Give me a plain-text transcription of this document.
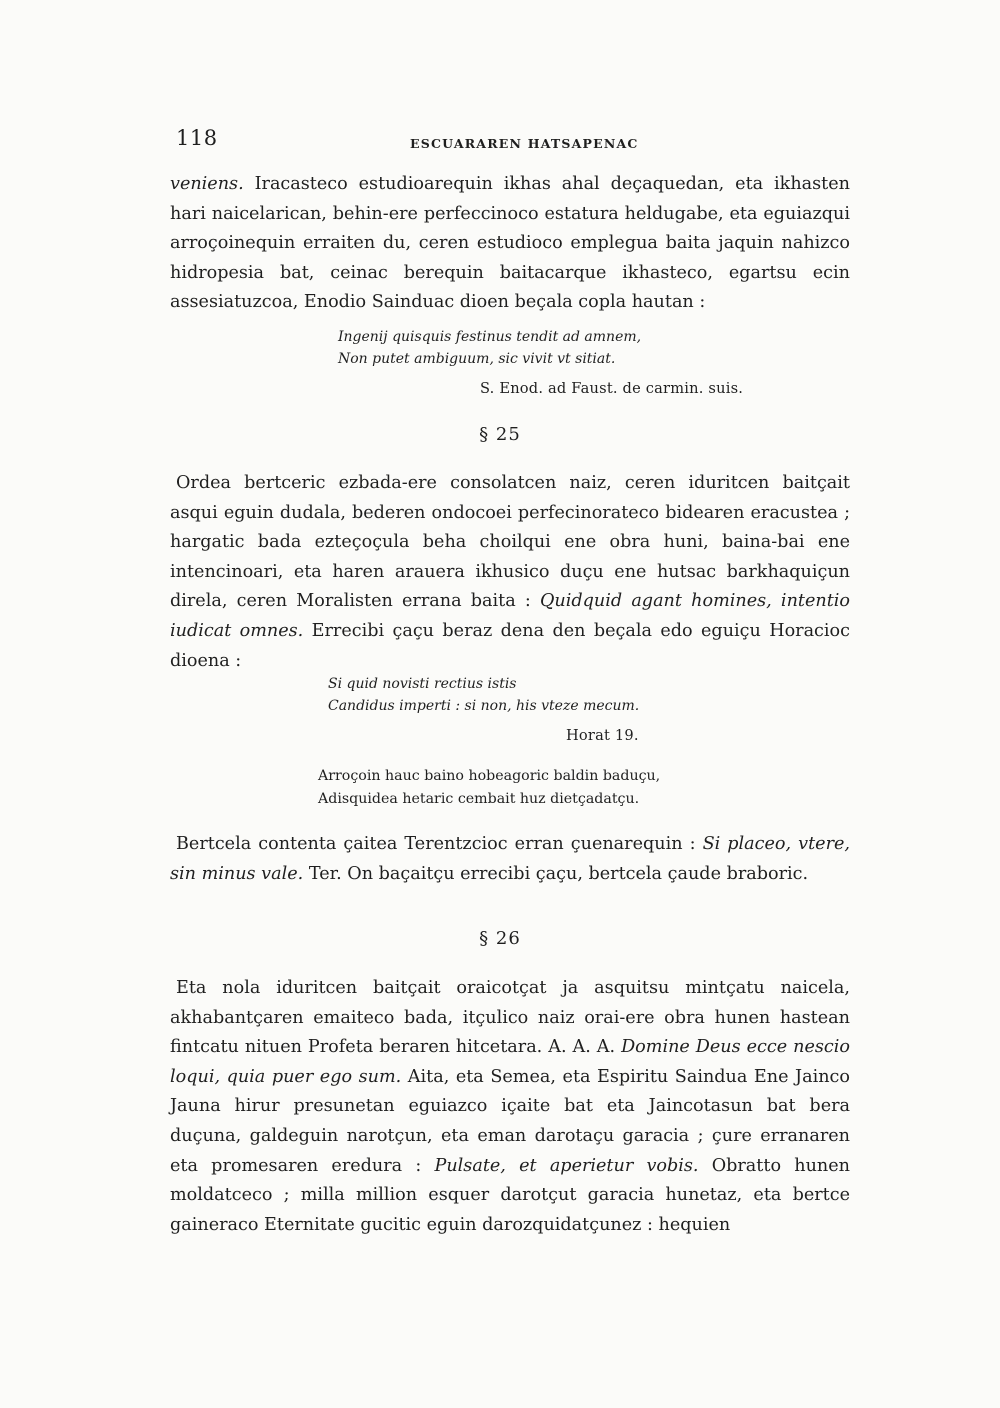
118	ESCUARAREN HATSAPENAC

veniens. Iracasteco estudioarequin ikhas ahal deçaquedan, eta ikhasten hari naicelarican, behin-ere perfeccinoco estatura heldugabe, eta eguiazqui arroçoinequin erraiten du, ceren estudioco emplegua baita jaquin nahizco hidropesia bat, ceinac berequin baitacarque ikhasteco, egartsu ecin assesiatuzcoa, Enodio Sainduac dioen beçala copla hautan :

Ingenij quisquis festinus tendit ad amnem,
Non putet ambiguum, sic vivit vt sitiat.
S. Enod. ad Faust. de carmin. suis.
§ 25

Ordea bertceric ezbada-ere consolatcen naiz, ceren iduritcen baitçait asqui eguin dudala, bederen ondocoei perfecinorateco bidearen eracustea ; hargatic bada ezteçoçula beha choilqui ene obra huni, baina-bai ene intencinoari, eta haren arauera ikhusico duçu ene hutsac barkhaquiçun direla, ceren Moralisten errana baita : Quidquid agant homines, intentio iudicat omnes. Errecibi çaçu beraz dena den beçala edo eguiçu Horacioc dioena :

Si quid novisti rectius istis
Candidus imperti : si non, his vteze mecum.
Horat 19.
Arroçoin hauc baino hobeagoric baldin baduçu,
Adisquidea hetaric cembait huz dietçadatçu.

Bertcela contenta çaitea Terentzcioc erran çuenarequin : Si placeo, vtere, sin minus vale. Ter. On baçaitçu errecibi çaçu, bertcela çaude braboric.

§ 26

Eta nola iduritcen baitçait oraicotçat ja asquitsu mintçatu naicela, akhabantçaren emaiteco bada, itçulico naiz orai-ere obra hunen hastean fintcatu nituen Profeta beraren hitcetara. A. A. A. Domine Deus ecce nescio loqui, quia puer ego sum. Aita, eta Semea, eta Espiritu Saindua Ene Jainco Jauna hirur presunetan eguiazco içaite bat eta Jaincotasun bat bera duçuna, galdeguin narotçun, eta eman darotaçu garacia ; çure erranaren eta promesaren eredura : Pulsate, et aperietur vobis. Obratto hunen moldatceco ; milla million esquer darotçut garacia hunetaz, eta bertce gaineraco Eternitate gucitic eguin darozquidatçunez : hequien
